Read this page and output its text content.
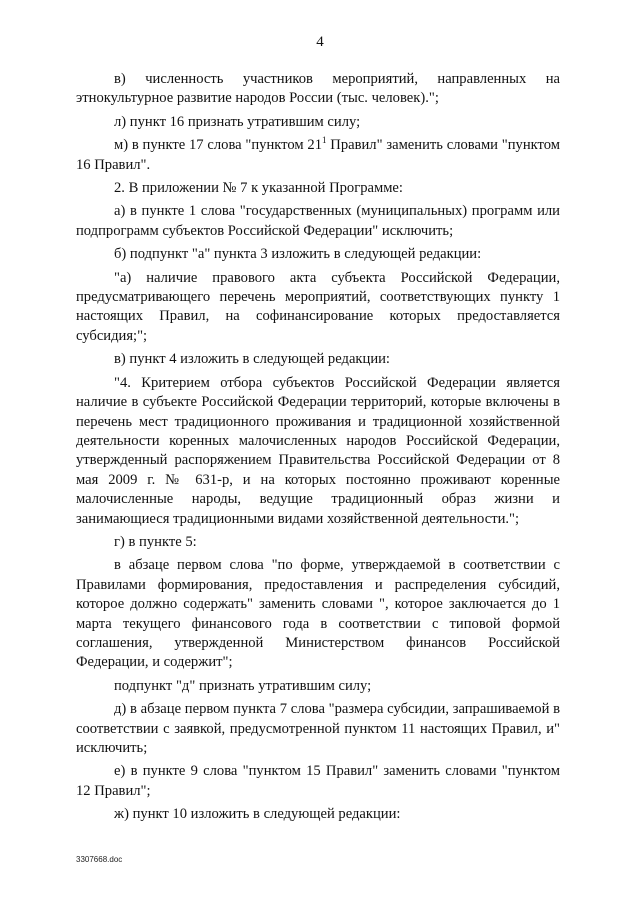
4

в) численность участников мероприятий, направленных на этнокультурное развитие народов России (тыс. человек).";

л) пункт 16 признать утратившим силу;

м) в пункте 17 слова "пунктом $21^1$ Правил" заменить словами "пунктом 16 Правил".

2. В приложении № 7 к указанной Программе:

а) в пункте 1 слова "государственных (муниципальных) программ или подпрограмм субъектов Российской Федерации" исключить;

б) подпункт "а" пункта 3 изложить в следующей редакции:

"а) наличие правового акта субъекта Российской Федерации, предусматривающего перечень мероприятий, соответствующих пункту 1 настоящих Правил, на софинансирование которых предоставляется субсидия;";

в) пункт 4 изложить в следующей редакции:

"4. Критерием отбора субъектов Российской Федерации является наличие в субъекте Российской Федерации территорий, которые включены в перечень мест традиционного проживания и традиционной хозяйственной деятельности коренных малочисленных народов Российской Федерации, утвержденный распоряжением Правительства Российской Федерации от 8 мая 2009 г. № 631-р, и на которых постоянно проживают коренные малочисленные народы, ведущие традиционный образ жизни и занимающиеся традиционными видами хозяйственной деятельности.";

г) в пункте 5:

в абзаце первом слова "по форме, утверждаемой в соответствии с Правилами формирования, предоставления и распределения субсидий, которое должно содержать" заменить словами ", которое заключается до 1 марта текущего финансового года в соответствии с типовой формой соглашения, утвержденной Министерством финансов Российской Федерации, и содержит";

подпункт "д" признать утратившим силу;

д) в абзаце первом пункта 7 слова "размера субсидии, запрашиваемой в соответствии с заявкой, предусмотренной пунктом 11 настоящих Правил, и" исключить;

е) в пункте 9 слова "пунктом 15 Правил" заменить словами "пунктом 12 Правил";

ж) пункт 10 изложить в следующей редакции:

3307668.doc
